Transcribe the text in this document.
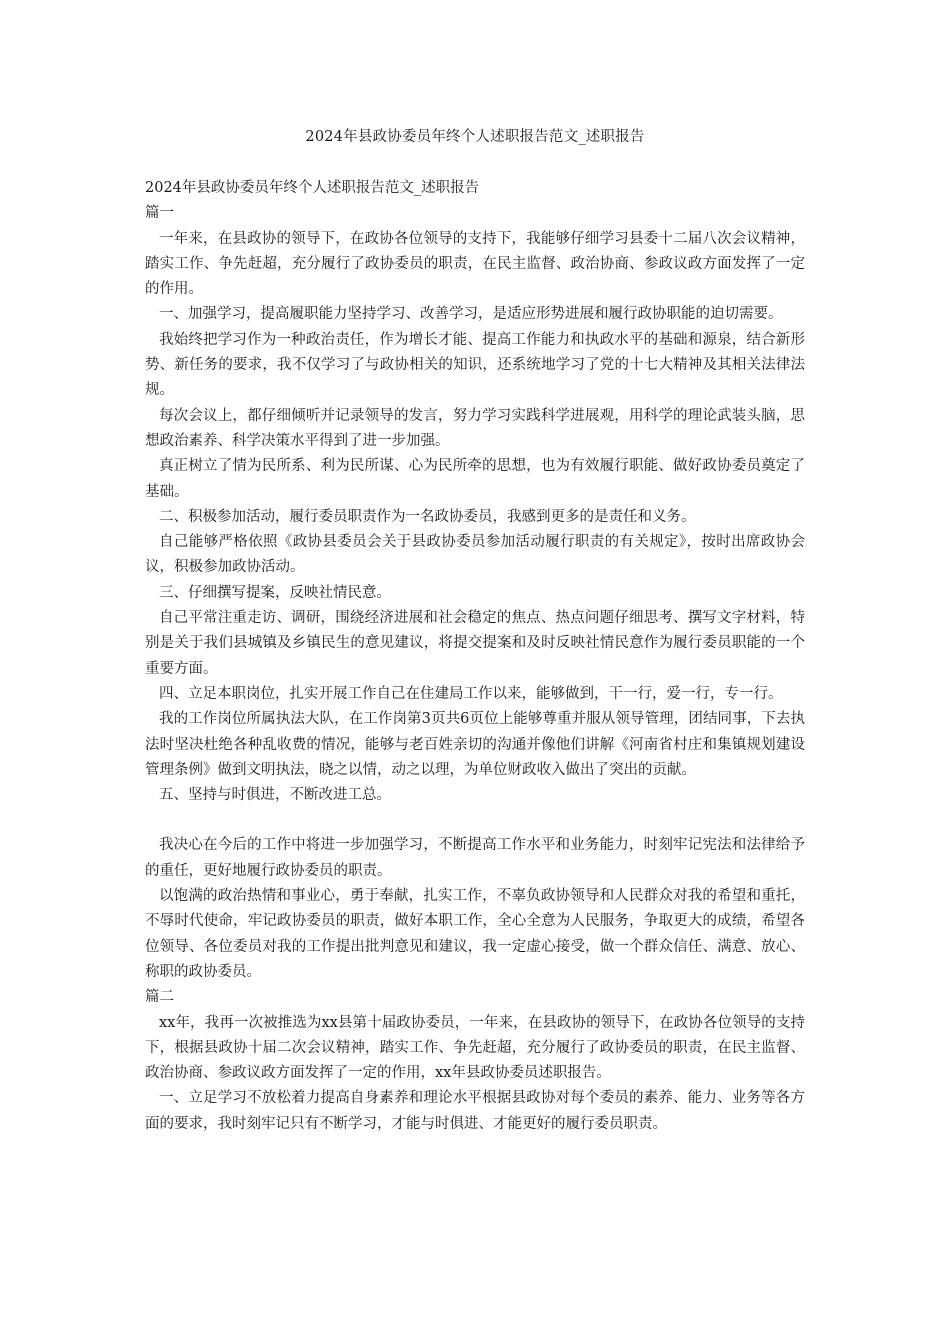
2024年县政协委员年终个人述职报告范文_述职报告

2024年县政协委员年终个人述职报告范文_述职报告

篇一

一年来，在县政协的领导下，在政协各位领导的支持下，我能够仔细学习县委十二届八次会议精神，踏实工作、争先赶超，充分履行了政协委员的职责，在民主监督、政治协商、参政议政方面发挥了一定的作用。

一、加强学习，提高履职能力坚持学习、改善学习，是适应形势进展和履行政协职能的迫切需要。

我始终把学习作为一种政治责任，作为增长才能、提高工作能力和执政水平的基础和源泉，结合新形势、新任务的要求，我不仅学习了与政协相关的知识，还系统地学习了党的十七大精神及其相关法律法规。

每次会议上，都仔细倾听并记录领导的发言，努力学习实践科学进展观，用科学的理论武装头脑，思想政治素养、科学决策水平得到了进一步加强。

真正树立了情为民所系、利为民所谋、心为民所牵的思想，也为有效履行职能、做好政协委员奠定了基础。

二、积极参加活动，履行委员职责作为一名政协委员，我感到更多的是责任和义务。

自己能够严格依照《政协县委员会关于县政协委员参加活动履行职责的有关规定》，按时出席政协会议，积极参加政协活动。

三、仔细撰写提案，反映社情民意。

自己平常注重走访、调研，围绕经济进展和社会稳定的焦点、热点问题仔细思考、撰写文字材料，特别是关于我们县城镇及乡镇民生的意见建议，将提交提案和及时反映社情民意作为履行委员职能的一个重要方面。

四、立足本职岗位，扎实开展工作自己在住建局工作以来，能够做到，干一行，爱一行，专一行。

我的工作岗位所属执法大队，在工作岗第3页共6页位上能够尊重并服从领导管理，团结同事，下去执法时坚决杜绝各种乱收费的情况，能够与老百姓亲切的沟通并像他们讲解《河南省村庄和集镇规划建设管理条例》做到文明执法，晓之以情，动之以理，为单位财政收入做出了突出的贡献。

五、坚持与时俱进，不断改进工总。

我决心在今后的工作中将进一步加强学习，不断提高工作水平和业务能力，时刻牢记宪法和法律给予的重任，更好地履行政协委员的职责。

以饱满的政治热情和事业心，勇于奉献，扎实工作，不辜负政协领导和人民群众对我的希望和重托，不辱时代使命，牢记政协委员的职责，做好本职工作，全心全意为人民服务，争取更大的成绩，希望各位领导、各位委员对我的工作提出批判意见和建议，我一定虚心接受，做一个群众信任、满意、放心、称职的政协委员。

篇二

xx年，我再一次被推选为xx县第十届政协委员，一年来，在县政协的领导下，在政协各位领导的支持下，根据县政协十届二次会议精神，踏实工作、争先赶超，充分履行了政协委员的职责，在民主监督、政治协商、参政议政方面发挥了一定的作用，xx年县政协委员述职报告。

一、立足学习不放松着力提高自身素养和理论水平根据县政协对每个委员的素养、能力、业务等各方面的要求，我时刻牢记只有不断学习，才能与时俱进、才能更好的履行委员职责。
